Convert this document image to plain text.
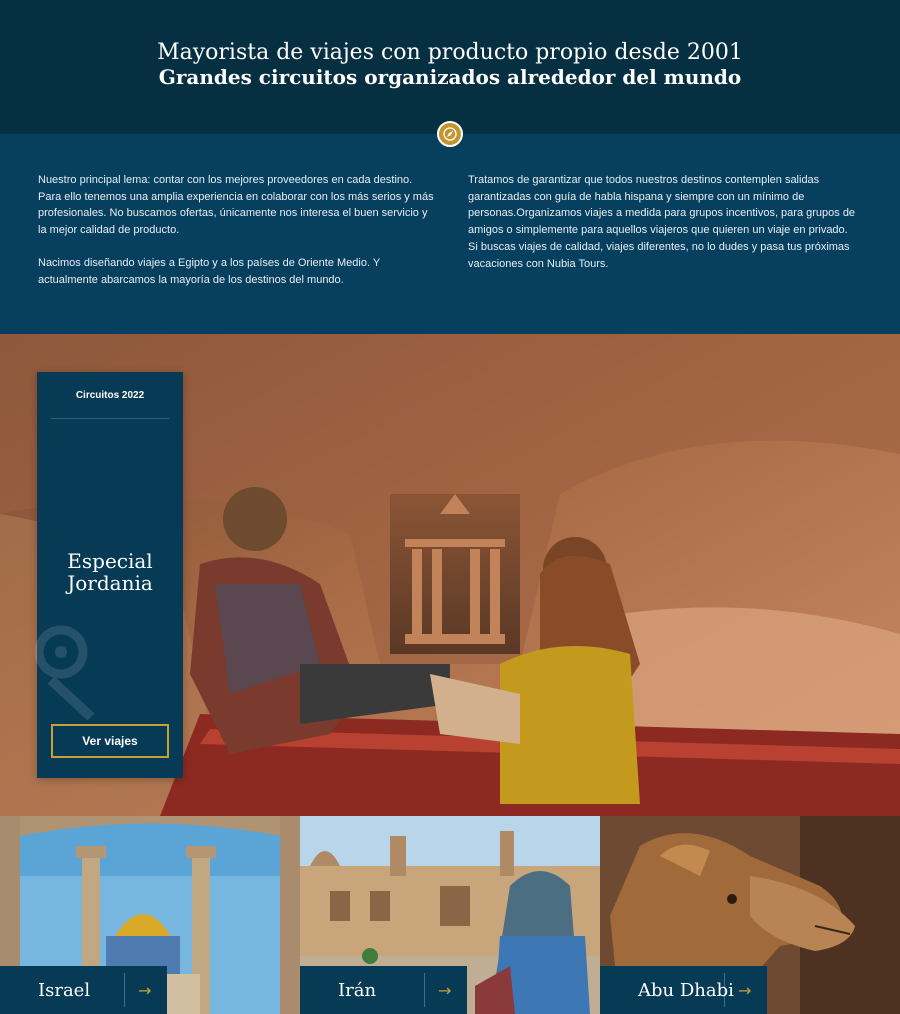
Mayorista de viajes con producto propio desde 2001
Grandes circuitos organizados alrededor del mundo

Nuestro principal lema: contar con los mejores proveedores en cada destino. Para ello tenemos una amplia experiencia en colaborar con los más serios y más profesionales. No buscamos ofertas, únicamente nos interesa el buen servicio y la mejor calidad de producto.

Nacimos diseñando viajes a Egipto y a los países de Oriente Medio. Y actualmente abarcamos la mayoría de los destinos del mundo.

Tratamos de garantizar que todos nuestros destinos contemplen salidas garantizadas con guía de habla hispana y siempre con un mínimo de personas.Organizamos viajes a medida para grupos incentivos, para grupos de amigos o simplemente para aquellos viajeros que quieren un viaje en privado.

Si buscas viajes de calidad, viajes diferentes, no lo dudes y pasa tus próximas vacaciones con Nubia Tours.

Circuitos 2022
Especial
Jordania
Ver viajes
Israel	→	Irán	→	Abu Dhabi →
